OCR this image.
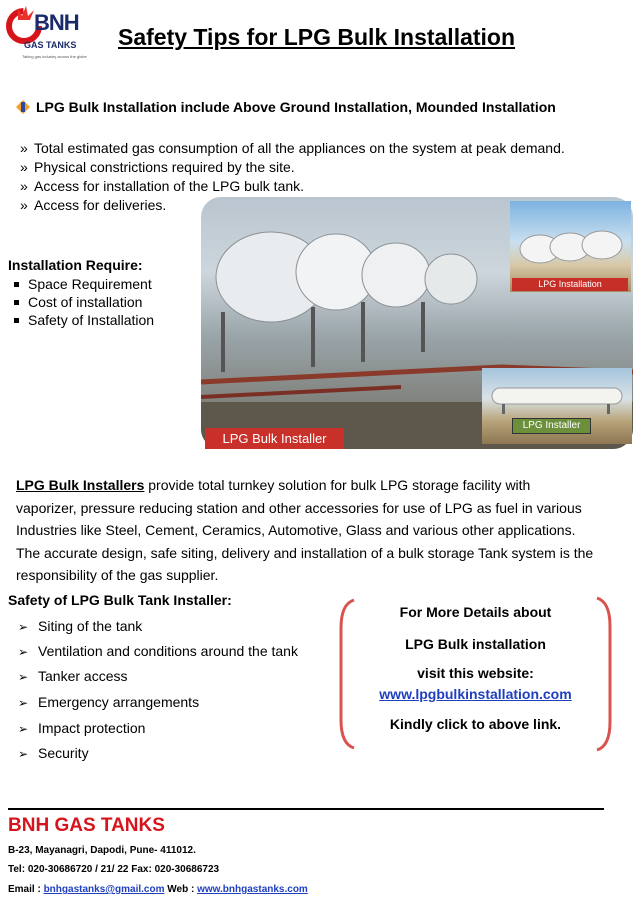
BNH
GAS TANKS
Taking gas industry across the globe
Safety Tips for LPG Bulk Installation
LPG Bulk Installation include Above Ground Installation, Mounded Installation
» Total estimated gas consumption of all the appliances on the system at peak demand.
» Physical constrictions required by the site.
» Access for installation of the LPG bulk tank.
» Access for deliveries.
Installation Require:
Space Requirement
Cost of installation
Safety of Installation
LPG Installation
LPG Installer
LPG Bulk Installer
LPG Bulk Installers provide total turnkey solution for bulk LPG storage facility with
vaporizer, pressure reducing station and other accessories for use of LPG as fuel in various
Industries like Steel, Cement, Ceramics, Automotive, Glass and various other applications.
The accurate design, safe siting, delivery and installation of a bulk storage Tank system is the
responsibility of the gas supplier.
Safety of LPG Bulk Tank Installer:
➢ Siting of the tank
➢ Ventilation and conditions around the tank
➢ Tanker access
➢ Emergency arrangements
➢ Impact protection
➢ Security
For More Details about
LPG Bulk installation
visit this website:
www.lpgbulkinstallation.com
Kindly click to above link.
BNH GAS TANKS
B-23, Mayanagri, Dapodi, Pune- 411012.
Tel: 020-30686720 / 21/ 22 Fax: 020-30686723
Email : bnhgastanks@gmail.com Web : www.bnhgastanks.com
